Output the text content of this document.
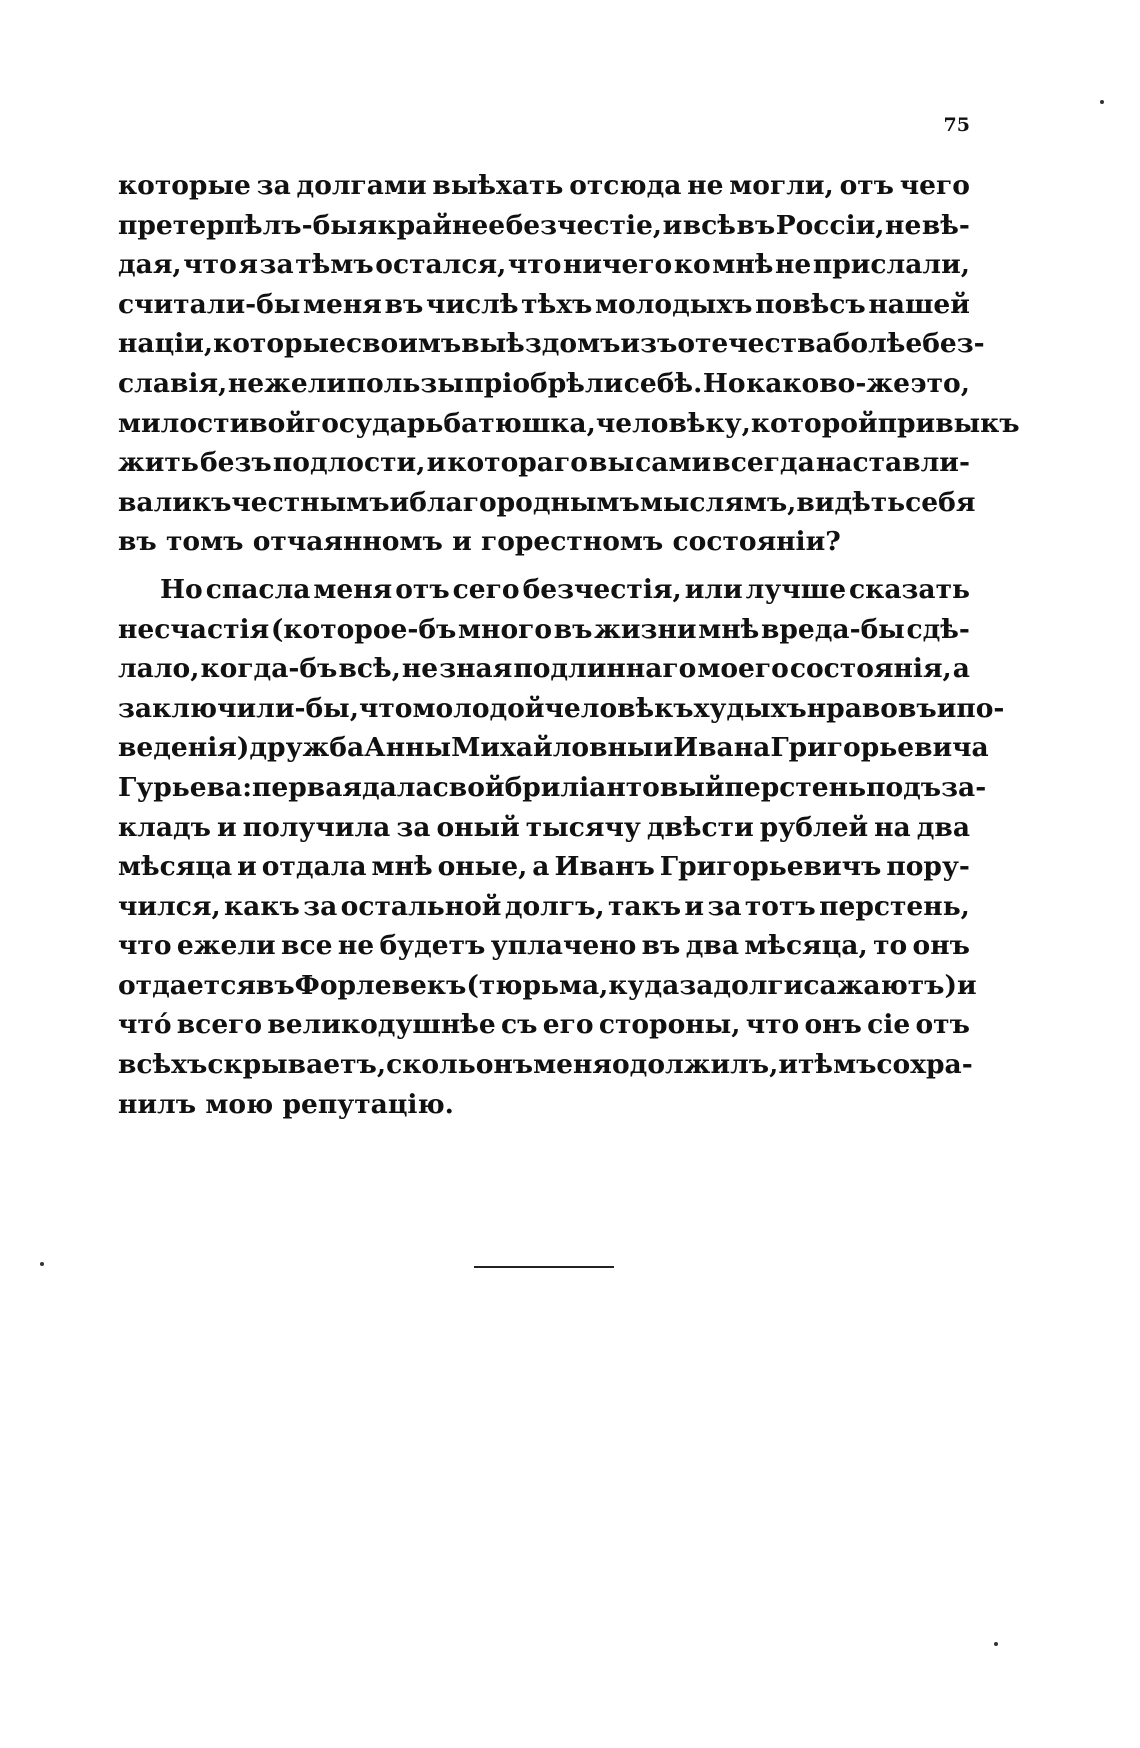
75
которые за долгами выѣхать отсюда не могли, отъ чего
претерпѣлъ-бы я крайнее безчестіе, и всѣ въ Россіи, не вѣ-
дая, что я за тѣмъ остался, что ничего ко мнѣ не прислали,
считали-бы меня въ числѣ тѣхъ молодыхъ повѣсъ нашей
націи, которые своимъ выѣздомъ изъ отечества болѣе без-
славія, нежели пользы пріобрѣли себѣ. Но каково-же это,
милостивой государь батюшка, человѣку, которой привыкъ
жить безъ подлости, и котораго вы сами всегда наставли-
вали къ честнымъ и благороднымъ мыслямъ, видѣть себя
въ томъ отчаянномъ и горестномъ состояніи?
Но спасла меня отъ сего безчестія, или лучше сказать
несчастія (котороe-бъ много въ жизни мнѣ вреда-бы сдѣ-
лало, когда-бъ всѣ, не зная подлиннаго моего состоянія, а
заключили-бы, что молодой человѣкъ худыхъ нравовъ и по-
веденія) дружба Анны Михайловны и Ивана Григорьевича
Гурьева: первая дала свой бриліантовый перстень подъ за-
кладъ и получила за оный тысячу двѣсти рублей на два
мѣсяца и отдала мнѣ оные, а Иванъ Григорьевичъ пору-
чился, какъ за остальной долгъ, такъ и за тотъ перстень,
что ежели все не будетъ уплачено въ два мѣсяца, то онъ
отдается въ Форлевекъ (тюрьма, куда за долги сажаютъ) и
что́ всего великодушнѣе съ его стороны, что онъ сіе отъ
всѣхъ скрываетъ, сколь онъ меня одолжилъ, и тѣмъ сохра-
нилъ мою репутацію.
